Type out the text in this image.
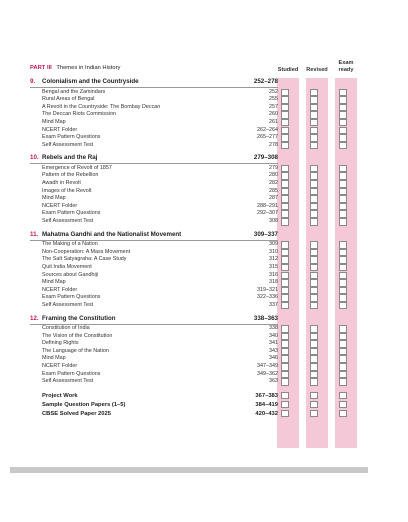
Studied	Revised
Exam
ready
PART III Themes in Indian History
9. Colonialism and the Countryside	252–278
Bengal and the Zamindars	252
Rural Areas of Bengal	255
A Revolt in the Countryside: The Bombay Deccan	257
The Deccan Riots Commission	260
Mind Map	261
NCERT Folder	262–264
Exam Pattern Questions	265–277
Self Assessment Test	278
10. Rebels and the Raj	279–308
Emergence of Revolt of 1857	279
Pattern of the Rebellion	280
Awadh in Revolt	282
Images of the Revolt	285
Mind Map	287
NCERT Folder	288–291
Exam Pattern Questions	292–307
Self Assessment Test	308
11. Mahatma Gandhi and the Nationalist Movement	309–337
The Making of a Nation	309
Non-Cooperation: A Mass Movement	310
The Salt Satyagraha: A Case Study	312
Quit India Movement	315
Sources about Gandhiji	316
Mind Map	318
NCERT Folder	319–321
Exam Pattern Questions	322–336
Self Assessment Test	337
12. Framing the Constitution	338–363
Constitution of India	338
The Vision of the Constitution	340
Defining Rights	341
The Language of the Nation	343
Mind Map	346
NCERT Folder	347–349
Exam Pattern Questions	349–362
Self Assessment Test	363
Project Work	367–383
Sample Question Papers (1–5)	384–419
CBSE Solved Paper 2025	420–432
